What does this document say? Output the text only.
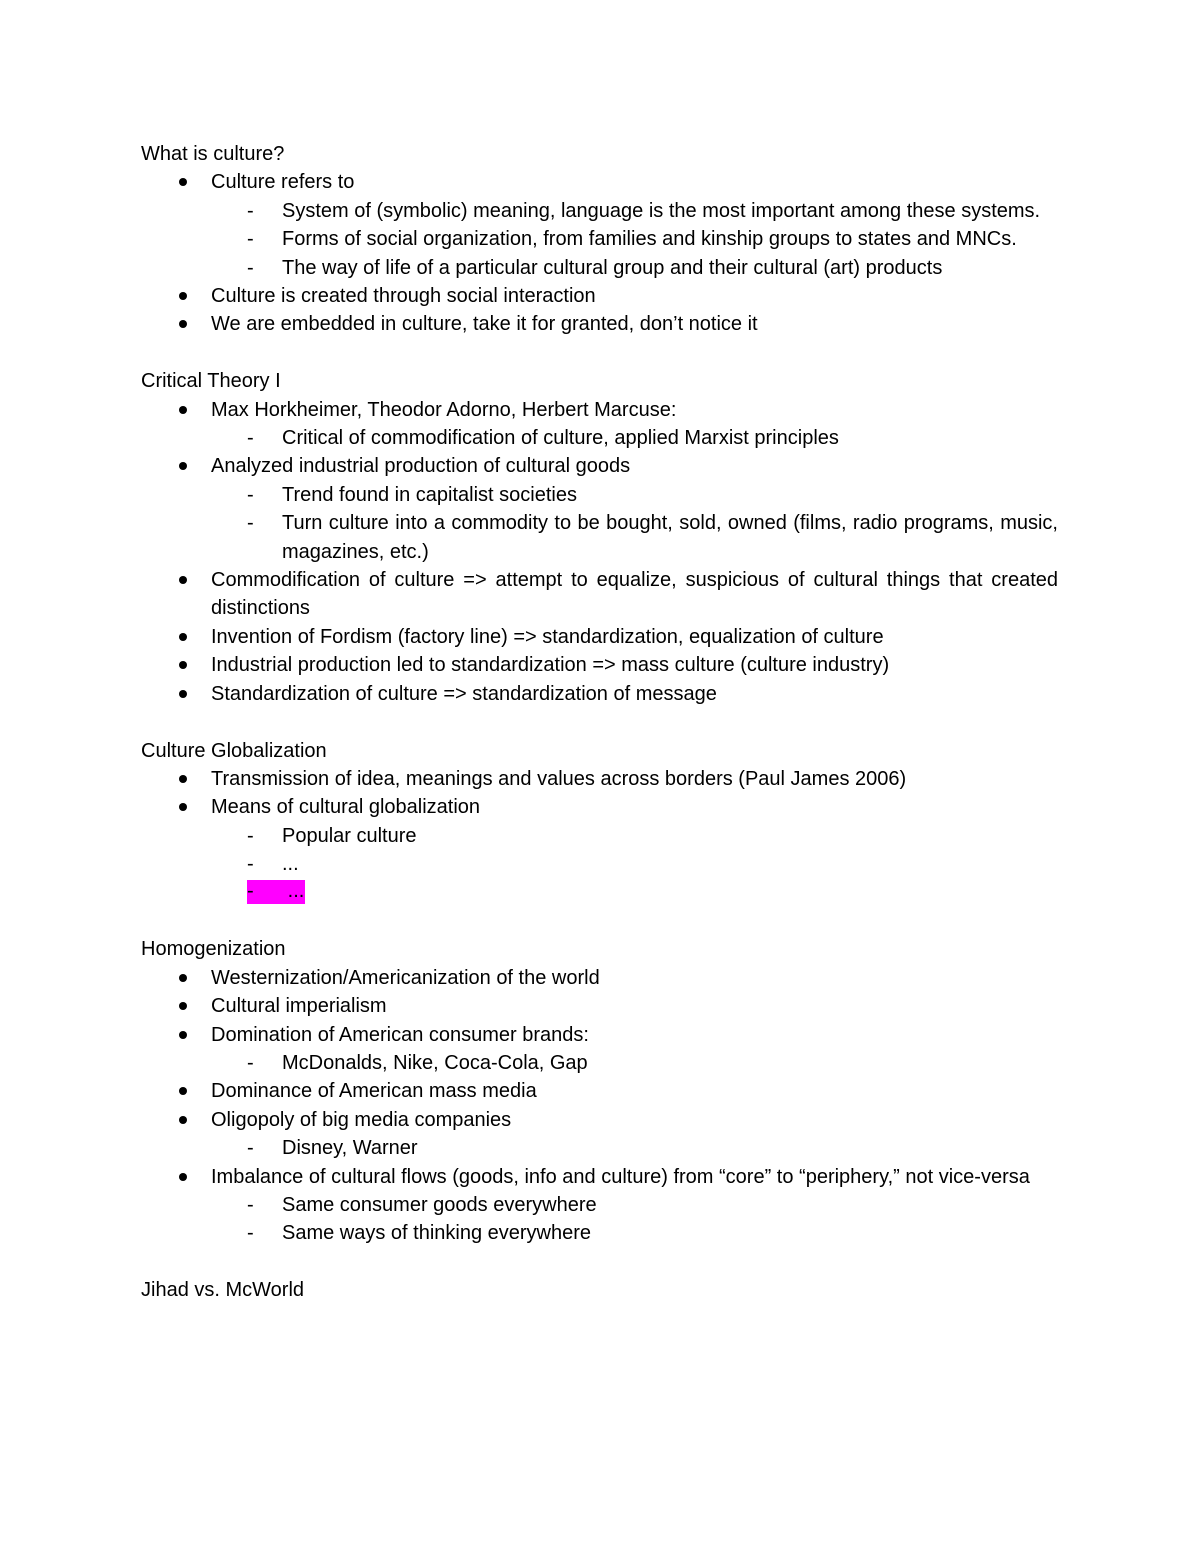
What is culture?
Culture refers to
- System of (symbolic) meaning, language is the most important among these systems.
- Forms of social organization, from families and kinship groups to states and MNCs.
- The way of life of a particular cultural group and their cultural (art) products
Culture is created through social interaction
We are embedded in culture, take it for granted, don’t notice it
Critical Theory I
Max Horkheimer, Theodor Adorno, Herbert Marcuse:
- Critical of commodification of culture, applied Marxist principles
Analyzed industrial production of cultural goods
- Trend found in capitalist societies
- Turn culture into a commodity to be bought, sold, owned (films, radio programs, music, magazines, etc.)
Commodification of culture => attempt to equalize, suspicious of cultural things that created distinctions
Invention of Fordism (factory line) => standardization, equalization of culture
Industrial production led to standardization => mass culture (culture industry)
Standardization of culture => standardization of message
Culture Globalization
Transmission of idea, meanings and values across borders (Paul James 2006)
Means of cultural globalization
- Popular culture
- ...
-	...
Homogenization
Westernization/Americanization of the world
Cultural imperialism
Domination of American consumer brands:
- McDonalds, Nike, Coca-Cola, Gap
Dominance of American mass media
Oligopoly of big media companies
- Disney, Warner
Imbalance of cultural flows (goods, info and culture) from “core” to “periphery,” not vice-versa
- Same consumer goods everywhere
- Same ways of thinking everywhere
Jihad vs. McWorld
